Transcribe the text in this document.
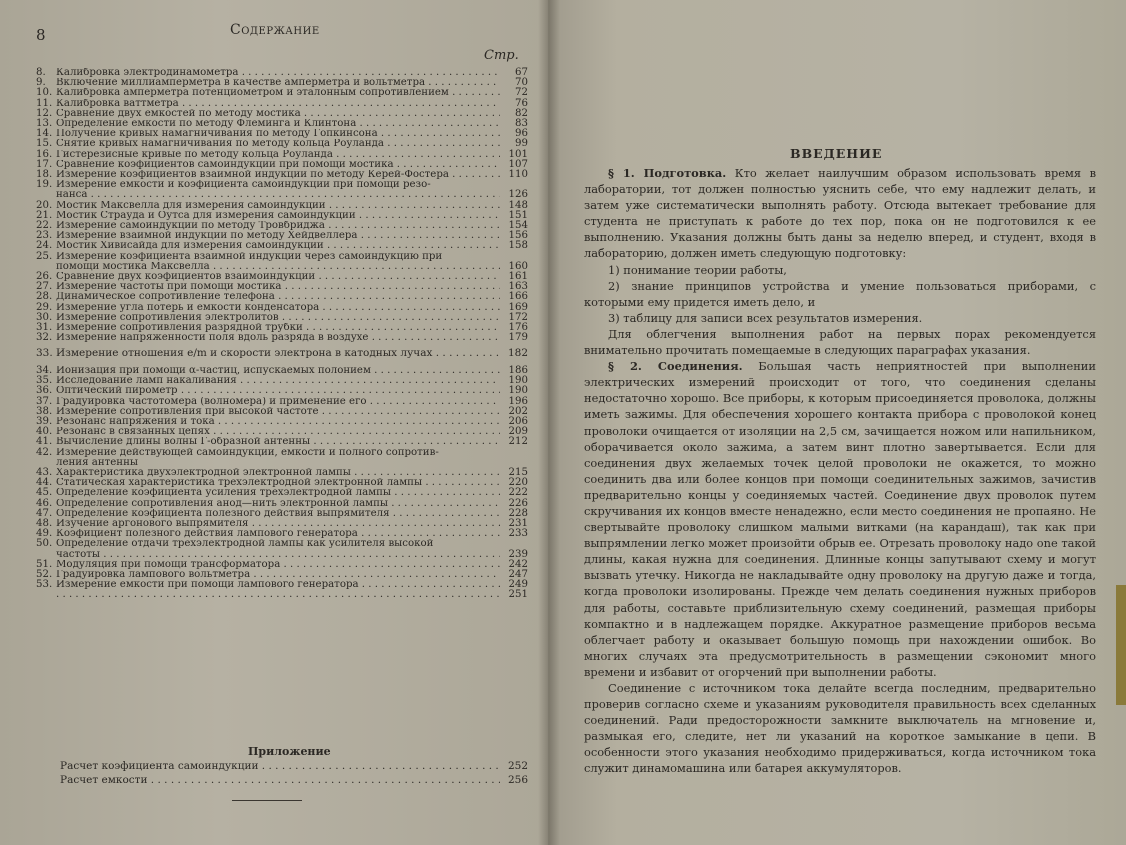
8	Содержание
Стр.
8.	Калибровка электродинамометра . . .	67
9.	Включение миллиамперметра в качестве амперметра и вольтметра . . .	70
10. Калибровка амперметра потенциометром и эталонным сопротивлением . . .	72
11. Калибровка ваттметра . . .	76
12. Сравнение двух емкостей по методу мостика . . .	82
13. Определение емкости по методу Флеминга и Клинтона . . .	83
14. Получение кривых намагничивания по методу Гопкинсона . . .	96
15. Снятие кривых намагничивания по методу кольца Роуланда . . .	99
16. Гистерезисные кривые по методу кольца Роуланда . . .	101
17. Сравнение коэфициентов самоиндукции при помощи мостика . . .	107
18. Измерение коэфициентов взаимной индукции по методу Керей-Фостера . . .	110
19. Измерение емкости и коэфициента самоиндукции при помощи резо-
нанса . . .	126
20. Мостик Максвелла для измерения самоиндукции . . .	148
21. Мостик Страуда и Оутса для измерения самоиндукции . . .	151
22. Измерение самоиндукции по методу Тровбриджа . . .	154
23. Измерение взаимной индукции по методу Хейдвеллера . . .	156
24. Мостик Хивисайда для измерения самоиндукции . . .	158
25. Измерение коэфициента взаимной индукции через самоиндукцию при
помощи мостика Максвелла . . .	160
26. Сравнение двух коэфициентов взаимоиндукции . . .	161
27. Измерение частоты при помощи мостика . . .	163
28. Динамическое сопротивление телефона . . .	166
29. Измерение угла потерь и емкости конденсатора . . .	169
30. Измерение сопротивления электролитов . . .	172
31. Измерение сопротивления разрядной трубки . . .	176
32. Измерение напряженности поля вдоль разряда в воздухе . . .	179
33. Измерение отношения e/m и скорости электрона в катодных лучах . . .	182
34. Ионизация при помощи α-частиц, испускаемых полонием . . .	186
35. Исследование ламп накаливания . . .	190
36. Оптический пирометр . . .	190
37. Градуировка частотомера (волномера) и применение его . . .	196
38. Измерение сопротивления при высокой частоте . . .	202
39. Резонанс напряжения и тока . . .	206
40. Резонанс в связанных цепях . . .	209
41. Вычисление длины волны Г-образной антенны . . .	212
42. Измерение действующей самоиндукции, емкости и полного сопротив-
ления антенны
43. Характеристика двухэлектродной электронной лампы . . .	215
44. Статическая характеристика трехэлектродной электронной лампы . . .	220
45. Определение коэфициента усиления трехэлектродной лампы . . .	222
46. Определение сопротивления анод—нить электронной лампы . . .	226
47. Определение коэфициента полезного действия выпрямителя . . .	228
48. Изучение аргонового выпрямителя . . .	231
49. Коэфициент полезного действия лампового генератора . . .	233
50. Определение отдачи трехэлектродной лампы как усилителя высокой
частоты . . .	239
51. Модуляция при помощи трансформатора . . .	242
52. Градуировка лампового вольтметра . . .	247
53. Измерение емкости при помощи лампового генератора . . .	249
. . .
251
Приложение
Расчет коэфициента самоиндукции . . .	252
Расчет емкости . . .	256
ВВЕДЕНИЕ

§ 1. Подготовка. Кто желает наилучшим образом использовать время в лаборатории, тот должен полностью уяснить себе, что ему надлежит делать, и затем уже систематически выполнять работу. Отсюда вытекает требование для студента не приступать к работе до тех пор, пока он не подготовился к ее выполнению. Указания должны быть даны за неделю вперед, и студент, входя в лабораторию, должен иметь следующую подготовку:

1) понимание теории работы,

2) знание принципов устройства и умение пользоваться приборами, с которыми ему придется иметь дело, и

3) таблицу для записи всех результатов измерения.

Для облегчения выполнения работ на первых порах рекомендуется внимательно прочитать помещаемые в следующих параграфах указания.

§ 2. Соединения. Большая часть неприятностей при выполнении электрических измерений происходит от того, что соединения сделаны недостаточно хорошо. Все приборы, к которым присоединяется проволока, должны иметь зажимы. Для обеспечения хорошего контакта прибора с проволокой конец проволоки очищается от изоляции на 2,5 см, зачищается ножом или напильником, оборачивается около зажима, а затем винт плотно завертывается. Если для соединения двух желаемых точек целой проволоки не окажется, то можно соединить два или более концов при помощи соединительных зажимов, зачистив предварительно концы у соединяемых частей. Соединение двух проволок путем скручивания их концов вместе ненадежно, если место соединения не пропаяно. Не свертывайте проволоку слишком малыми витками (на карандаш), так как при выпрямлении легко может произойти обрыв ее. Отрезать проволоку надо one такой длины, какая нужна для соединения. Длинные концы запутывают схему и могут вызвать утечку. Никогда не накладывайте одну проволоку на другую даже и тогда, когда проволоки изолированы. Прежде чем делать соединения нужных приборов для работы, составьте приблизительную схему соединений, размещая приборы компактно и в надлежащем порядке. Аккуратное размещение приборов весьма облегчает работу и оказывает большую помощь при нахождении ошибок. Во многих случаях эта предусмотрительность в размещении сэкономит много времени и избавит от огорчений при выполнении работы.

Соединение с источником тока делайте всегда последним, предварительно проверив согласно схеме и указаниям руководителя правильность всех сделанных соединений. Ради предосторожности замкните выключатель на мгновение и, размыкая его, следите, нет ли указаний на короткое замыкание в цепи. В особенности этого указания необходимо придерживаться, когда источником тока служит динамомашина или батарея аккумуляторов.
